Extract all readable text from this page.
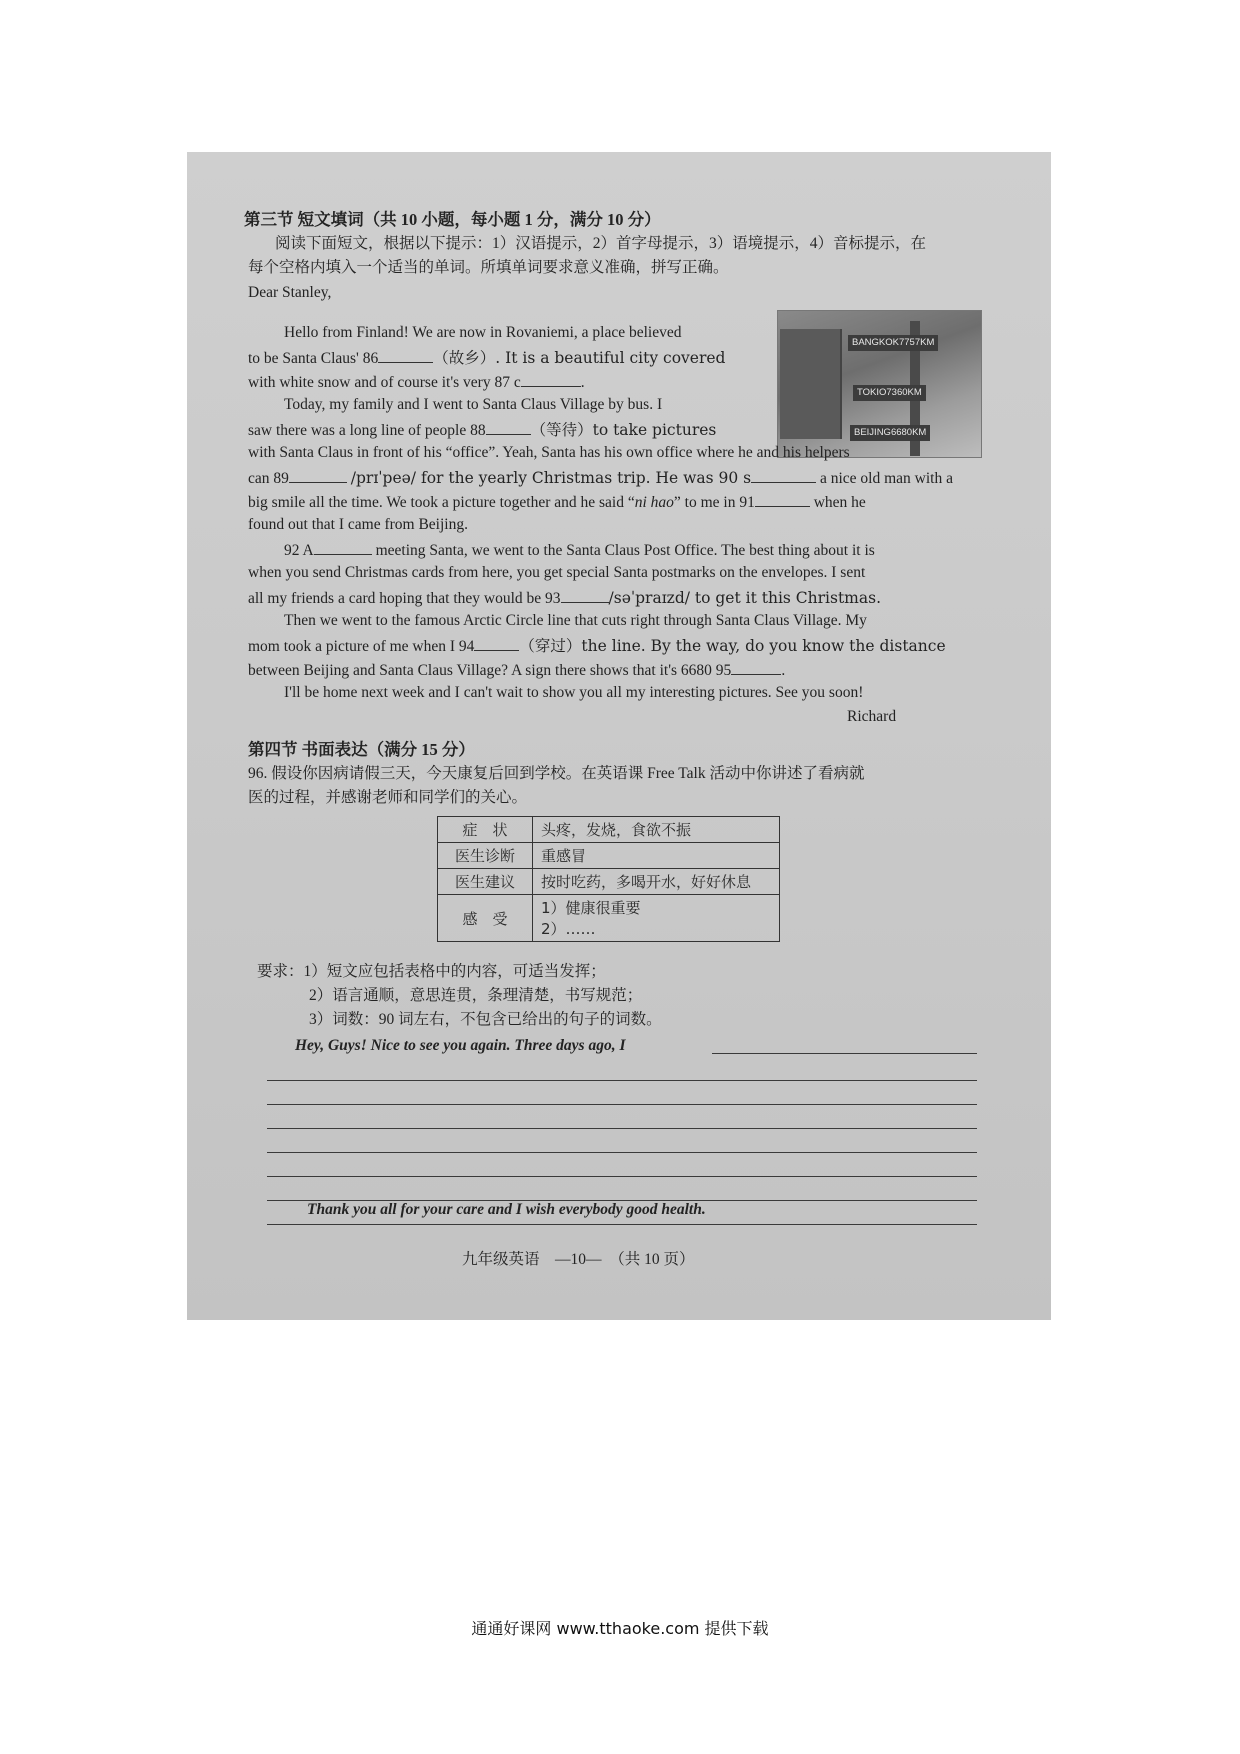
第三节 短文填词（共 10 小题，每小题 1 分，满分 10 分）
阅读下面短文，根据以下提示：1）汉语提示，2）首字母提示，3）语境提示，4）音标提示，在
每个空格内填入一个适当的单词。所填单词要求意义准确，拼写正确。
Dear Stanley,
BANGKOK7757KM
TOKIO7360KM
BEIJING6680KM
Hello from Finland! We are now in Rovaniemi, a place believed
to be Santa Claus' 86	（故乡）. It is a beautiful city covered
with white snow and of course it's very 87 c	.
Today, my family and I went to Santa Claus Village by bus. I
saw there was a long line of people 88	（等待）to take pictures
with Santa Claus in front of his “office”. Yeah, Santa has his own office where he and his helpers
can 89	/prɪˈpeə/ for the yearly Christmas trip. He was 90 s	a nice old man with a
big smile all the time. We took a picture together and he said “ni hao” to me in 91	when he
found out that I came from Beijing.
92 A	meeting Santa, we went to the Santa Claus Post Office. The best thing about it is
when you send Christmas cards from here, you get special Santa postmarks on the envelopes. I sent
all my friends a card hoping that they would be 93	/səˈpraɪzd/ to get it this Christmas.
Then we went to the famous Arctic Circle line that cuts right through Santa Claus Village. My
mom took a picture of me when I 94	（穿过）the line. By the way, do you know the distance
between Beijing and Santa Claus Village? A sign there shows that it's 6680 95	.
I'll be home next week and I can't wait to show you all my interesting pictures. See you soon!
Richard
第四节 书面表达（满分 15 分）
96. 假设你因病请假三天，今天康复后回到学校。在英语课 Free Talk 活动中你讲述了看病就
医的过程，并感谢老师和同学们的关心。
症　状	头疼，发烧，食欲不振
医生诊断	重感冒
医生建议	按时吃药，多喝开水，好好休息
感　受	1）健康很重要
2）……
要求：1）短文应包括表格中的内容，可适当发挥；
2）语言通顺，意思连贯，条理清楚，书写规范；
3）词数：90 词左右，不包含已给出的句子的词数。
Hey, Guys! Nice to see you again. Three days ago, I
Thank you all for your care and I wish everybody good health.
九年级英语　—10—　（共 10 页）
通通好课网 www.tthaoke.com 提供下载
